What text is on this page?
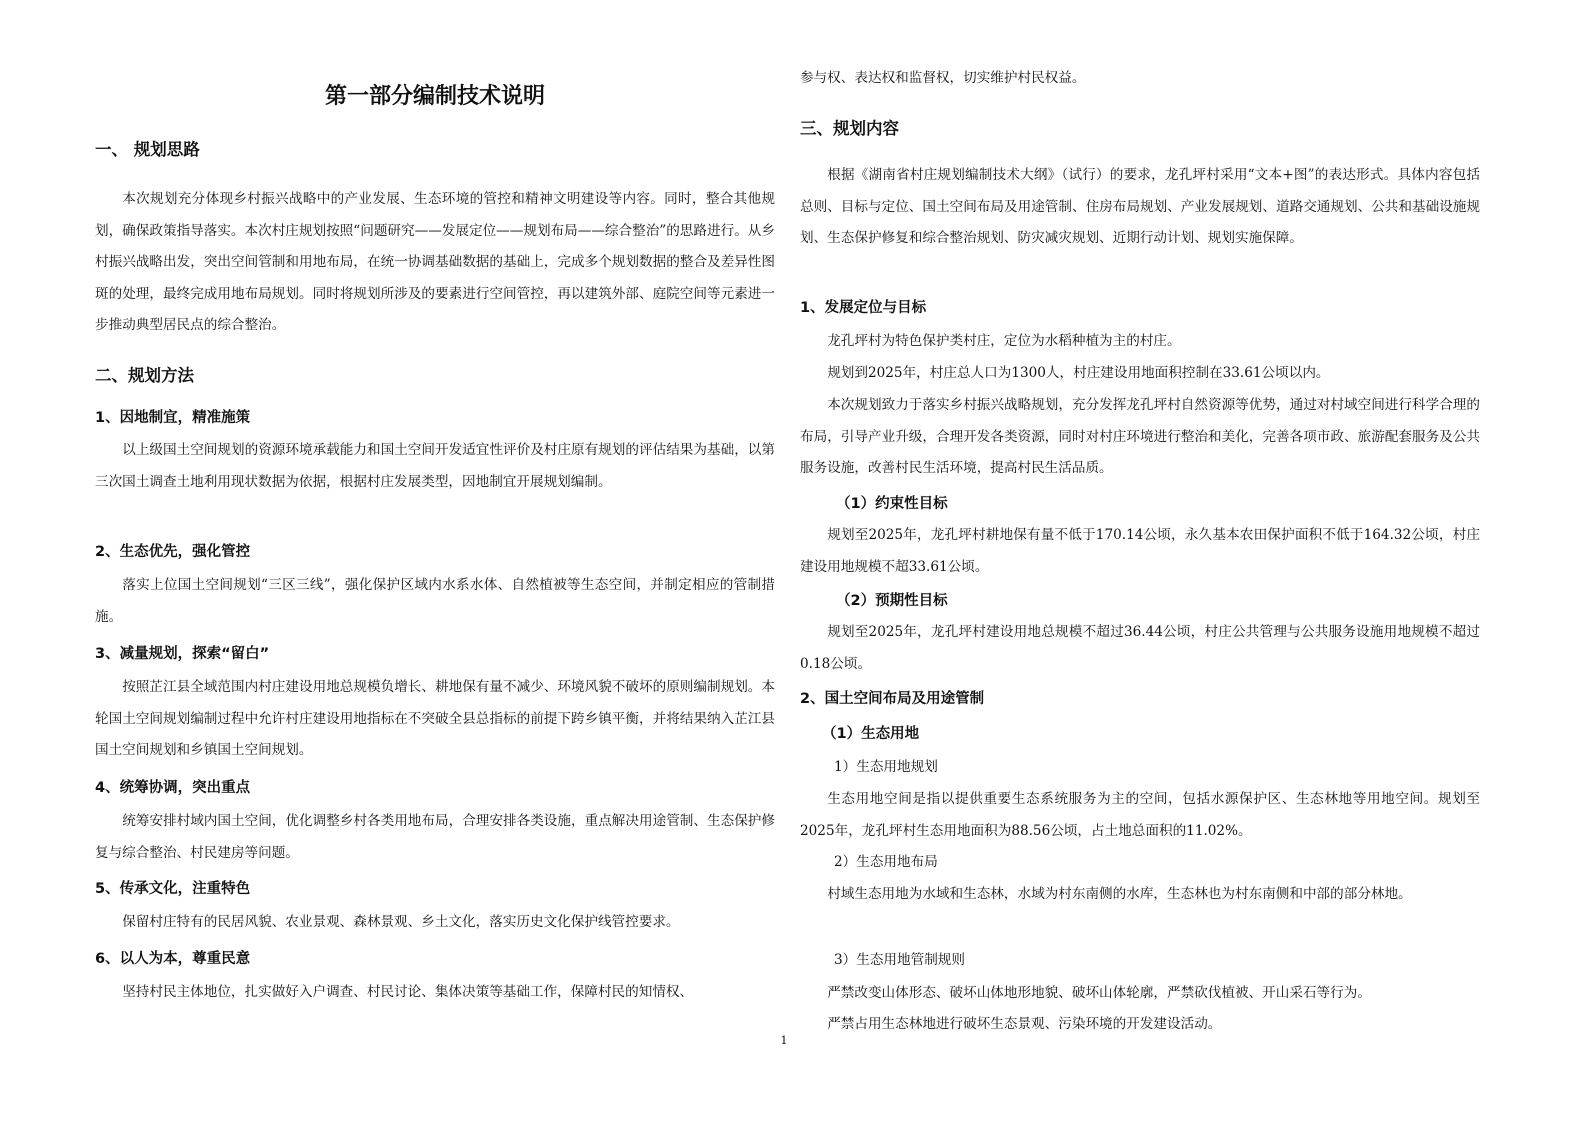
第一部分编制技术说明
一、 规划思路

本次规划充分体现乡村振兴战略中的产业发展、生态环境的管控和精神文明建设等内容。同时，整合其他规划，确保政策指导落实。本次村庄规划按照“问题研究——发展定位——规划布局——综合整治”的思路进行。从乡村振兴战略出发，突出空间管制和用地布局，在统一协调基础数据的基础上，完成多个规划数据的整合及差异性图斑的处理，最终完成用地布局规划。同时将规划所涉及的要素进行空间管控，再以建筑外部、庭院空间等元素进一步推动典型居民点的综合整治。

二、规划方法
1、因地制宜，精准施策

以上级国土空间规划的资源环境承载能力和国土空间开发适宜性评价及村庄原有规划的评估结果为基础，以第三次国土调查土地利用现状数据为依据，根据村庄发展类型，因地制宜开展规划编制。

2、生态优先，强化管控

落实上位国土空间规划“三区三线”，强化保护区域内水系水体、自然植被等生态空间，并制定相应的管制措施。

3、减量规划，探索“留白”

按照芷江县全域范围内村庄建设用地总规模负增长、耕地保有量不减少、环境风貌不破坏的原则编制规划。本轮国土空间规划编制过程中允许村庄建设用地指标在不突破全县总指标的前提下跨乡镇平衡，并将结果纳入芷江县国土空间规划和乡镇国土空间规划。

4、统筹协调，突出重点

统筹安排村域内国土空间，优化调整乡村各类用地布局，合理安排各类设施，重点解决用途管制、生态保护修复与综合整治、村民建房等问题。

5、传承文化，注重特色

保留村庄特有的民居风貌、农业景观、森林景观、乡土文化，落实历史文化保护线管控要求。

6、以人为本，尊重民意

坚持村民主体地位，扎实做好入户调查、村民讨论、集体决策等基础工作，保障村民的知情权、

参与权、表达权和监督权，切实维护村民权益。

三、规划内容

根据《湖南省村庄规划编制技术大纲》（试行）的要求，龙孔坪村采用“文本+图”的表达形式。具体内容包括总则、目标与定位、国土空间布局及用途管制、住房布局规划、产业发展规划、道路交通规划、公共和基础设施规划、生态保护修复和综合整治规划、防灾减灾规划、近期行动计划、规划实施保障。

1、发展定位与目标

龙孔坪村为特色保护类村庄，定位为水稻种植为主的村庄。

规划到2025年，村庄总人口为1300人，村庄建设用地面积控制在33.61公顷以内。

本次规划致力于落实乡村振兴战略规划，充分发挥龙孔坪村自然资源等优势，通过对村域空间进行科学合理的布局，引导产业升级，合理开发各类资源，同时对村庄环境进行整治和美化，完善各项市政、旅游配套服务及公共服务设施，改善村民生活环境，提高村民生活品质。

（1）约束性目标

规划至2025年，龙孔坪村耕地保有量不低于170.14公顷，永久基本农田保护面积不低于164.32公顷，村庄建设用地规模不超33.61公顷。

（2）预期性目标

规划至2025年，龙孔坪村建设用地总规模不超过36.44公顷，村庄公共管理与公共服务设施用地规模不超过0.18公顷。

2、国土空间布局及用途管制
（1）生态用地

1）生态用地规划

生态用地空间是指以提供重要生态系统服务为主的空间，包括水源保护区、生态林地等用地空间。规划至2025年，龙孔坪村生态用地面积为88.56公顷，占土地总面积的11.02%。

2）生态用地布局

村域生态用地为水域和生态林，水域为村东南侧的水库，生态林也为村东南侧和中部的部分林地。

3）生态用地管制规则

严禁改变山体形态、破坏山体地形地貌、破坏山体轮廓，严禁砍伐植被、开山采石等行为。

严禁占用生态林地进行破坏生态景观、污染环境的开发建设活动。

1
